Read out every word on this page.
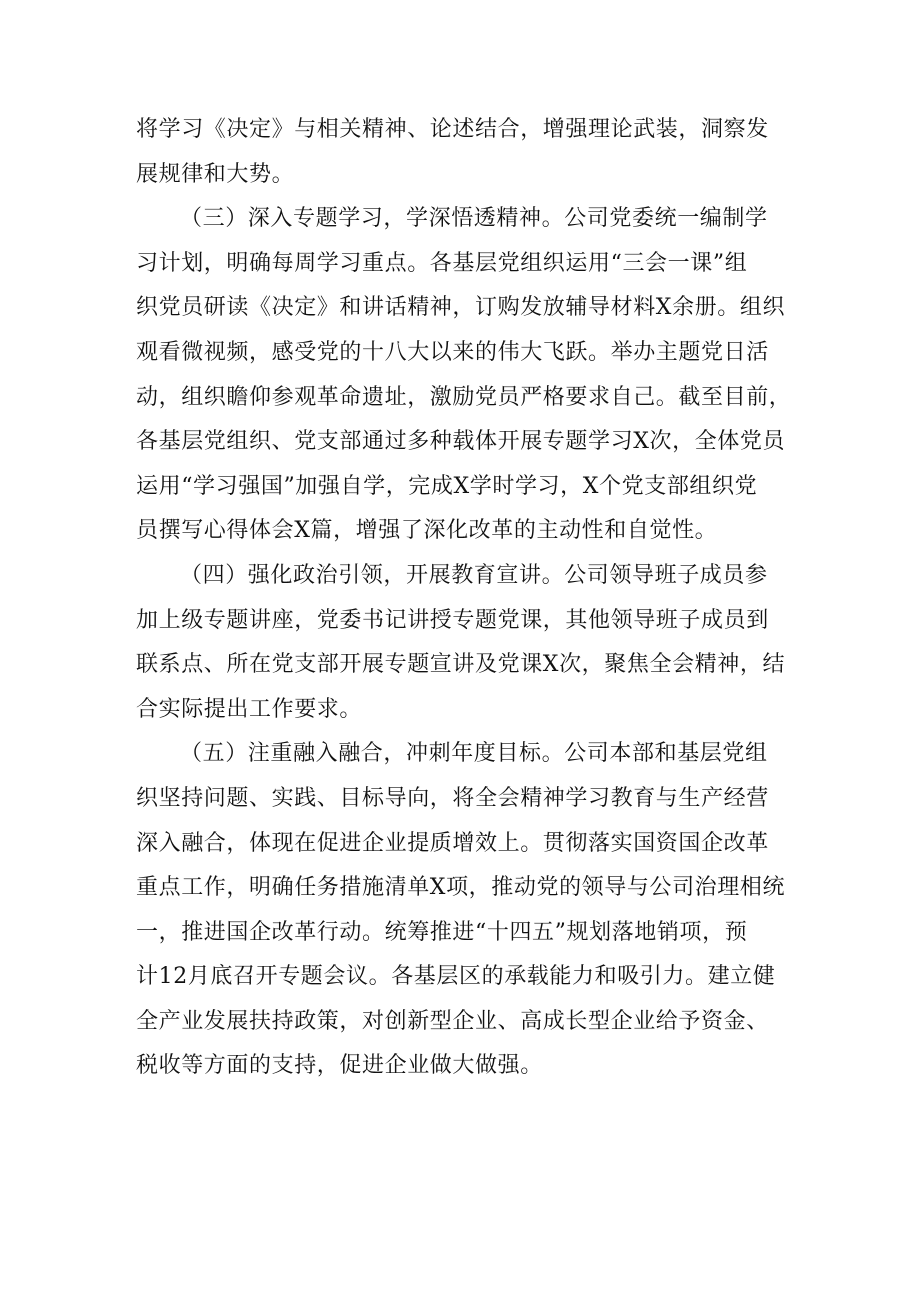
将学习《决定》与相关精神、论述结合，增强理论武装，洞察发
展规律和大势。

（三）深入专题学习，学深悟透精神。公司党委统一编制学
习计划，明确每周学习重点。各基层党组织运用“三会一课”组
织党员研读《决定》和讲话精神，订购发放辅导材料X余册。组织
观看微视频，感受党的十八大以来的伟大飞跃。举办主题党日活
动，组织瞻仰参观革命遗址，激励党员严格要求自己。截至目前，
各基层党组织、党支部通过多种载体开展专题学习X次，全体党员
运用“学习强国”加强自学，完成X学时学习，X个党支部组织党
员撰写心得体会X篇，增强了深化改革的主动性和自觉性。

（四）强化政治引领，开展教育宣讲。公司领导班子成员参
加上级专题讲座，党委书记讲授专题党课，其他领导班子成员到
联系点、所在党支部开展专题宣讲及党课X次，聚焦全会精神，结
合实际提出工作要求。

（五）注重融入融合，冲刺年度目标。公司本部和基层党组
织坚持问题、实践、目标导向，将全会精神学习教育与生产经营
深入融合，体现在促进企业提质增效上。贯彻落实国资国企改革
重点工作，明确任务措施清单X项，推动党的领导与公司治理相统
一，推进国企改革行动。统筹推进“十四五”规划落地销项，预
计12月底召开专题会议。各基层区的承载能力和吸引力。建立健
全产业发展扶持政策，对创新型企业、高成长型企业给予资金、
税收等方面的支持，促进企业做大做强。
